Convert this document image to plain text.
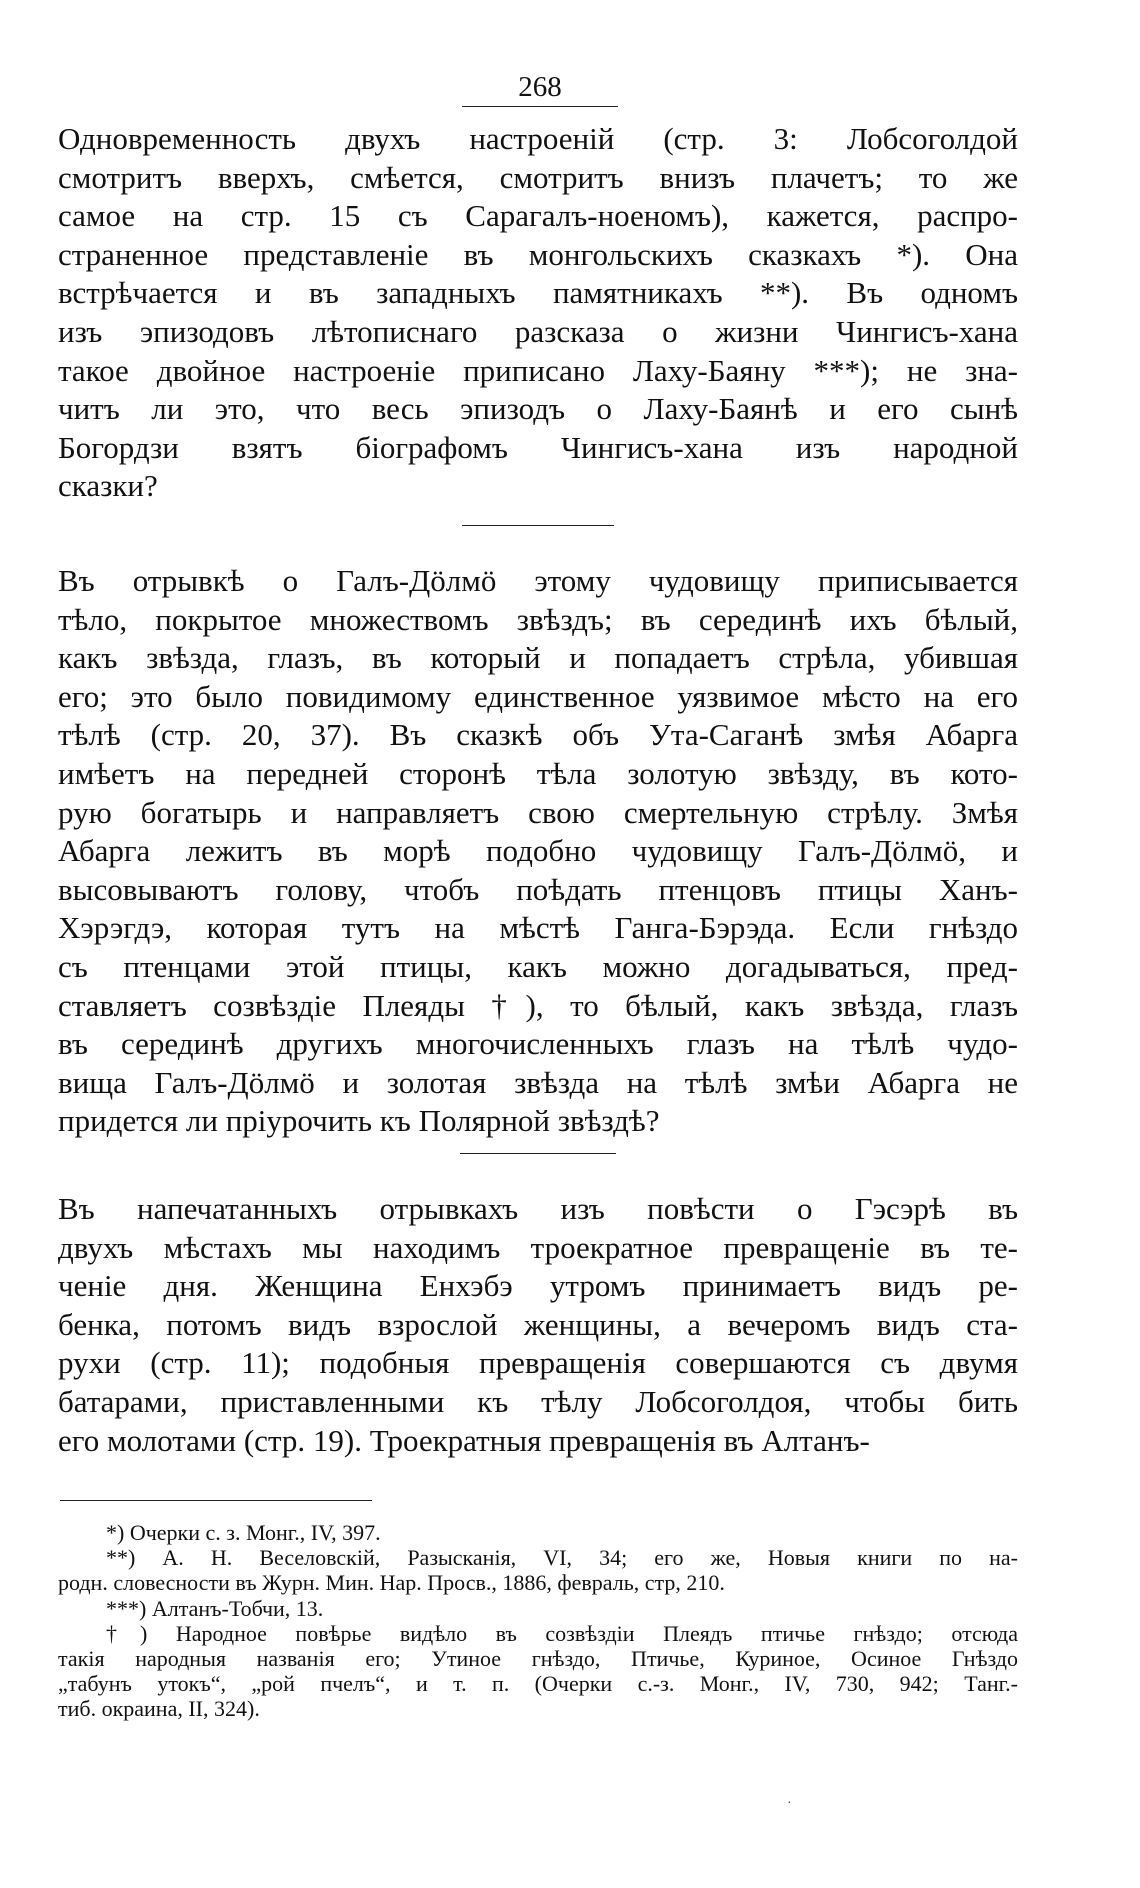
268
Одновременность двухъ настроеній (стр. 3: Лобсоголдой
смотритъ вверхъ, смѣется, смотритъ внизъ плачетъ; то же
самое на стр. 15 съ Сарагалъ-ноеномъ), кажется, распро-
страненное представленіе въ монгольскихъ сказкахъ *). Она
встрѣчается и въ западныхъ памятникахъ **). Въ одномъ
изъ эпизодовъ лѣтописнаго разсказа о жизни Чингисъ-хана
такое двойное настроеніе приписано Лаху-Баяну ***); не зна-
читъ ли это, что весь эпизодъ о Лаху-Баянѣ и его сынѣ
Богордзи взятъ біографомъ Чингисъ-хана изъ народной
сказки?
Въ отрывкѣ о Галъ-Дöлмö этому чудовищу приписывается
тѣло, покрытое множествомъ звѣздъ; въ серединѣ ихъ бѣлый,
какъ звѣзда, глазъ, въ который и попадаетъ стрѣла, убившая
его; это было повидимому единственное уязвимое мѣсто на его
тѣлѣ (стр. 20, 37). Въ сказкѣ объ Ута-Саганѣ змѣя Абарга
имѣетъ на передней сторонѣ тѣла золотую звѣзду, въ кото-
рую богатырь и направляетъ свою смертельную стрѣлу. Змѣя
Абарга лежитъ въ морѣ подобно чудовищу Галъ-Дöлмö, и
высовываютъ голову, чтобъ поѣдать птенцовъ птицы Ханъ-
Хэрэгдэ, которая тутъ на мѣстѣ Ганга-Бэрэда. Если гнѣздо
съ птенцами этой птицы, какъ можно догадываться, пред-
ставляетъ созвѣздіе Плеяды †), то бѣлый, какъ звѣзда, глазъ
въ серединѣ другихъ многочисленныхъ глазъ на тѣлѣ чудо-
вища Галъ-Дöлмö и золотая звѣзда на тѣлѣ змѣи Абарга не
придется ли пріурочить къ Полярной звѣздѣ?
Въ напечатанныхъ отрывкахъ изъ повѣсти о Гэсэрѣ въ
двухъ мѣстахъ мы находимъ троекратное превращеніе въ те-
ченіе дня. Женщина Енхэбэ утромъ принимаетъ видъ ре-
бенка, потомъ видъ взрослой женщины, а вечеромъ видъ ста-
рухи (стр. 11); подобныя превращенія совершаются съ двумя
батарами, приставленными къ тѣлу Лобсоголдоя, чтобы бить
его молотами (стр. 19). Троекратныя превращенія въ Алтанъ-
*) Очерки с. з. Монг., IV, 397.
**) А. Н. Веселовскій, Разысканія, VI, 34; его же, Новыя книги по на-
родн. словесности въ Журн. Мин. Нар. Просв., 1886, февраль, стр, 210.
***) Алтанъ-Тобчи, 13.
†) Народное повѣрье видѣло въ созвѣздіи Плеядъ птичье гнѣздо; отсюда
такія народныя названія его; Утиное гнѣздо, Птичье, Куриное, Осиное Гнѣздо
„табунъ утокъ“, „рой пчелъ“, и т. п. (Очерки с.-з. Монг., IV, 730, 942; Танг.-
тиб. окраина, II, 324).
·
